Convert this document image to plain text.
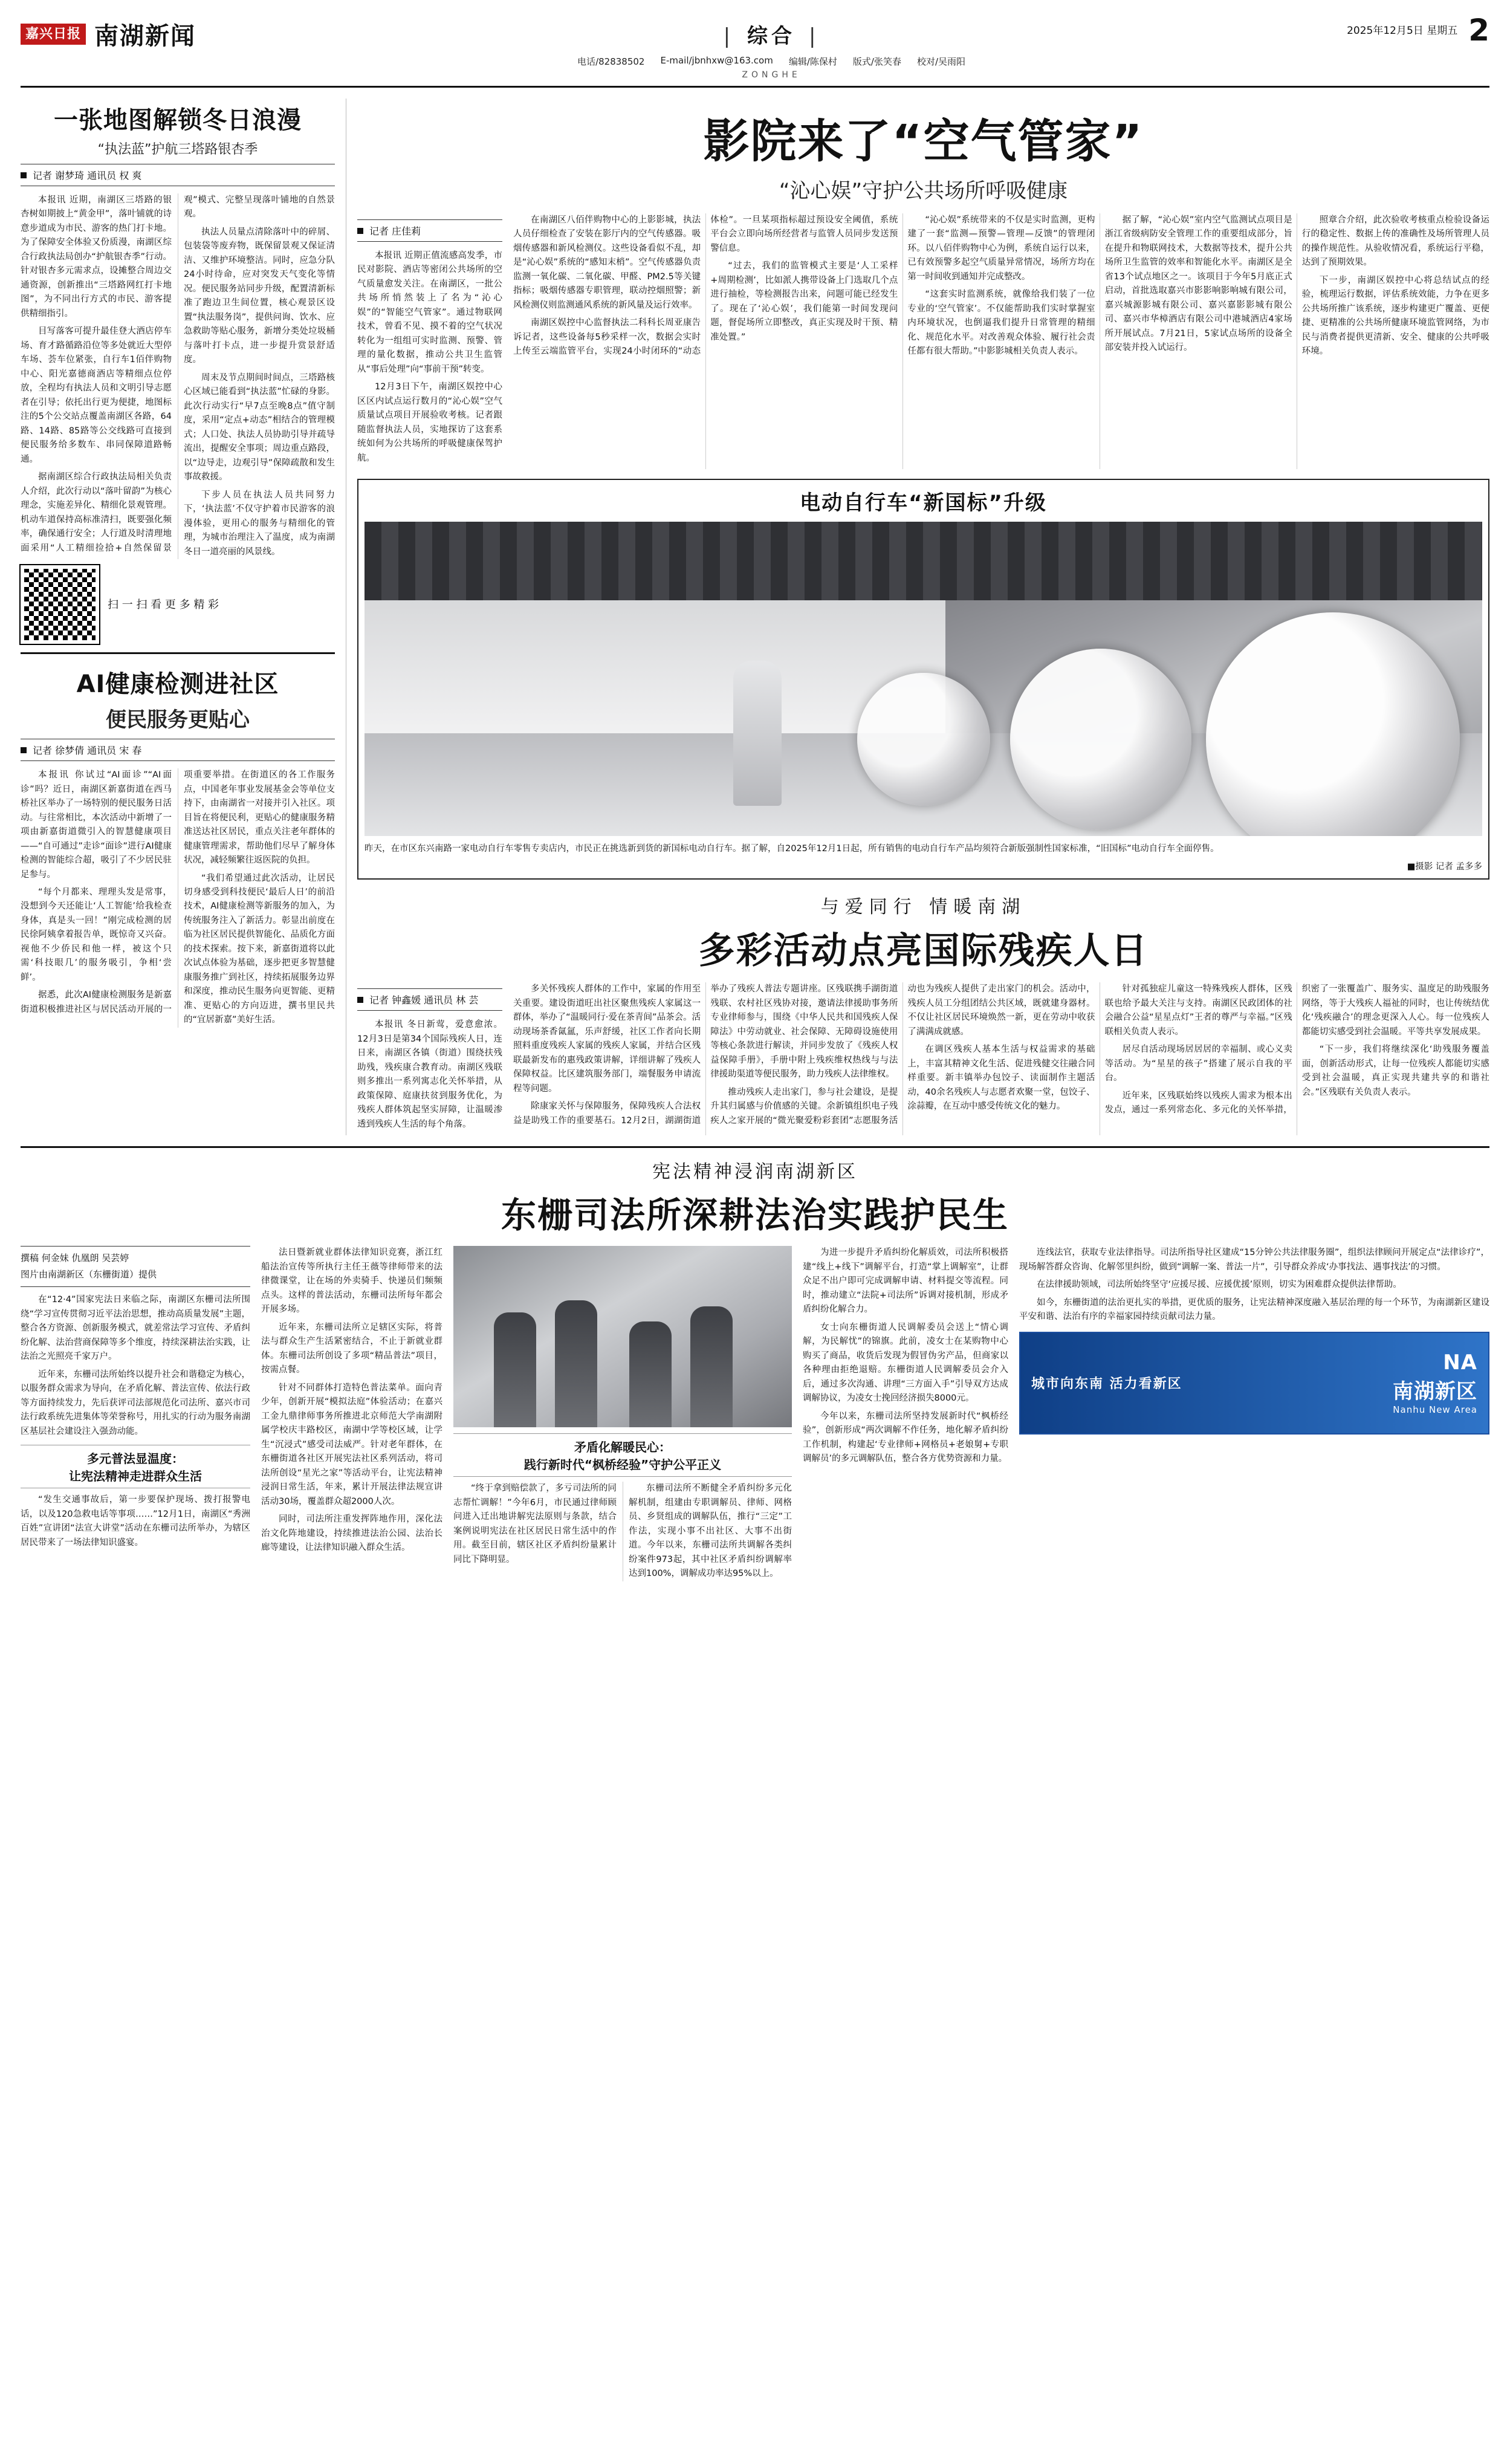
嘉兴日报 南湖新闻	| 综合 |
电话/82838502 E-mail/jbnhxw@163.com 编辑/陈保村 版式/张笑春 校对/吴雨阳
ZONGHE
2025年12月5日 星期五 2
一张地图解锁冬日浪漫
“执法蓝”护航三塔路银杏季
记者 谢梦琦 通讯员 权 爽

本报讯 近期，南湖区三塔路的银杏树如期披上“黄金甲”，落叶铺就的诗意步道成为市民、游客的热门打卡地。为了保障安全体验又份质漫，南湖区综合行政执法局创办“护航银杏季”行动。针对银杏多元需求点，设摊整合周边交通资源，创新推出“三塔路网红打卡地图”，为不同出行方式的市民、游客提供精细指引。

目写落客可提升最佳登大酒店停车场、育才路循路沿位等多处就近大型停车场、荟车位紧张，自行车1佰伴购物中心、阳光嘉德商酒店等精细点位停放，全程均有执法人员和文明引导志愿者在引导；依托出行更为便捷，地图标注的5个公交站点覆盖南湖区各路，64路、14路、85路等公交线路可直接到便民服务给多数车、串同保障道路畅通。

据南湖区综合行政执法局相关负责人介绍，此次行动以“落叶留韵”为核心理念，实施差异化、精细化景观管理。机动车道保持高标准清扫，既要强化频率，确保通行安全；人行道及时清理地面采用“人工精细捡拾+自然保留景观”模式、完整呈现落叶铺地的自然景观。

执法人员量点清除落叶中的碎屑、包装袋等废弃物，既保留景观又保证清洁、又维护环境整洁。同时，应急分队24小时待命，应对突发天气变化等情况。便民服务站同步升级，配置清新标准了跑边卫生间位置，核心观景区设置“执法服务岗”，提供问询、饮水、应急救助等贴心服务，新增分类处垃圾桶与落叶打卡点，进一步提升赏景舒适度。

周末及节点期间时间点，三塔路核心区域已能看到“执法蓝”忙碌的身影。此次行动实行“早7点至晚8点”值守制度，采用“定点+动态”相结合的管理模式；人口处、执法人员协助引导并疏导流出，提醒安全事项；周边重点路段，以“边导走，边观引导”保障疏散和发生事故救援。

下步人员在执法人员共同努力下，‘执法蓝’不仅守护着市民游客的浪漫体验，更用心的服务与精细化的管理，为城市治理注入了温度，成为南湖冬日一道亮丽的风景线。

扫 一 扫 看 更 多 精 彩
AI健康检测进社区
便民服务更贴心
记者 徐梦倩 通讯员 宋 春

本报讯 你试过“AI面诊”“AI面诊”吗？近日，南湖区新嘉街道在西马桥社区举办了一场特别的便民服务日活动。与往常相比，本次活动中新增了一项由新嘉街道微引入的智慧健康项目——“自可通过”走诊“面诊”进行AI健康检测的智能综合超，吸引了不少居民驻足参与。

“每个月都来、理理头发是常事，没想到今天还能让‘人工智能’给我检查身体，真是头一回！”刚完成检测的居民徐阿姨拿着报告单，既惊奇又兴奋。视他不少侨民和他一样，被这个只需‘科技眼几’的服务吸引，争相‘尝鲜’。

据悉，此次AI健康检测服务是新嘉街道积极推进社区与居民活动开展的一项重要举措。在街道区的各工作服务点，中国老年事业发展基金会等单位支持下，由南湖省一对接并引入社区。项目旨在将便民利，更贴心的健康服务精准送达社区居民，重点关注老年群体的健康管理需求，帮助他们尽早了解身体状况，减轻频繁往返医院的负担。

“我们希望通过此次活动，让居民切身感受到科技便民‘最后人日’的前沿技术，AI健康检测等新服务的加入，为传统服务注入了新活力。彰显出前度在临为社区居民提供智能化、品质化方面的技术探索。按下来，新嘉街道将以此次试点体验为基础，逐步把更多智慧健康服务推广到社区，持续拓展服务边界和深度，推动民生服务向更智能、更精准、更贴心的方向迈进，撰书里民共的“宜居新嘉”美好生活。

影院来了“空气管家”
“沁心娱”守护公共场所呼吸健康
记者 庄佳莉

本报讯 近期正值流感高发季，市民对影院、酒店等密闭公共场所的空气质量愈发关注。在南湖区，一批公共场所悄然装上了名为“沁心娱”的“智能空气管家”。通过物联网技术，曾看不见、摸不着的空气状况转化为一组组可实时监测、预警、管理的量化数据，推动公共卫生监管从“事后处理”向“事前干预”转变。

12月3日下午，南湖区娱控中心区区内试点运行数月的“沁心娱”空气质量试点项目开展验收考核。记者跟随监督执法人员，实地探访了这套系统如何为公共场所的呼吸健康保驾护航。

在南湖区八佰伴购物中心的上影影城，执法人员仔细检查了安装在影厅内的空气传感器。吸烟传感器和新风检测仪。这些设备看似不乱，却是“沁心娱”系统的“感知末梢”。空气传感器负责监测一氧化碳、二氧化碳、甲醛、PM2.5等关键指标；吸烟传感器专职管理，联动控烟照警；新风检测仪则监测通风系统的新风量及运行效率。

南湖区娱控中心监督执法二科科长周亚康告诉记者，这些设备每5秒采样一次，数据会实时上传至云端监管平台，实现24小时闭环的“动态体检”。一旦某项指标超过预设安全阈值，系统平台会立即向场所经营者与监管人员同步发送预警信息。

“过去，我们的监管模式主要是‘人工采样+周期检测’，比如派人携带设备上门选取几个点进行抽检，等检测报告出来，问题可能已经发生了。现在了‘沁心娱’，我们能第一时间发现问题，督促场所立即整改，真正实现及时干预、精准处置。”

“沁心娱”系统带来的不仅是实时监测，更构建了一套“监测—预警—管理—反馈”的管理闭环。以八佰伴购物中心为例，系统自运行以来，已有效预警多起空气质量异常情况，场所方均在第一时间收到通知并完成整改。

“这套实时监测系统，就像给我们装了一位专业的‘空气管家’。不仅能帮助我们实时掌握室内环境状况，也倒逼我们提升日常管理的精细化、规范化水平。对改善观众体验、履行社会责任都有很大帮助。”中影影城相关负责人表示。

据了解，“沁心娱”室内空气监测试点项目是浙江省级病防安全管理工作的重要组成部分，旨在提升和物联网技术，大数据等技术，提升公共场所卫生监管的效率和智能化水平。南湖区是全省13个试点地区之一。该项目于今年5月底正式启动，首批选取嘉兴市影影响影响城有限公司，嘉兴城源影城有限公司、嘉兴嘉影影城有限公司、嘉兴市华樟酒店有限公司中港城酒店4家场所开展试点。7月21日，5家试点场所的设备全部安装并投入试运行。

照章合介绍，此次验收考核重点检验设备运行的稳定性、数据上传的准确性及场所管理人员的操作规范性。从验收情况看，系统运行平稳，达到了预期效果。

下一步，南湖区娱控中心将总结试点的经验，梳理运行数据，评估系统效能，力争在更多公共场所推广该系统，逐步构建更广覆盖、更便捷、更精准的公共场所健康环境监管网络，为市民与消费者提供更清新、安全、健康的公共呼吸环境。

电动自行车“新国标”升级
昨天，在市区东兴南路一家电动自行车零售专卖店内，市民正在挑选新到货的新国标电动自行车。据了解，自2025年12月1日起，所有销售的电动自行车产品均须符合新版强制性国家标准，“旧国标”电动自行车全面停售。
■摄影 记者 孟多多
与爱同行 情暖南湖
多彩活动点亮国际残疾人日
记者 钟鑫媛 通讯员 林 芸

本报讯 冬日新莺，爱意愈浓。12月3日是第34个国际残疾人日，连日来，南湖区各镇（街道）围绕扶残助残，残疾康合教育动。南湖区残联则多推出一系列寓志化关怀举措，从政策保障、庭康扶贫到服务优化，为残疾人群体筑起坚实屏障，让温暖渗透到残疾人生活的每个角落。

多关怀残疾人群体的工作中，家属的作用至关重要。建设街道旺出社区聚焦残疾人家属这一群体，举办了“温暖同行·爱在茶青间”品茶会。活动现场茶香氤氲，乐声舒缓，社区工作者向长期照料重度残疾人家属的残疾人家属，并结合区残联最新发布的惠残政策讲解，详细讲解了残疾人保障权益。比区建筑服务部门，端餐服务申请流程等问题。

除康家关怀与保障服务，保障残疾人合法权益是助残工作的重要基石。12月2日，湖湖街道举办了残疾人普法专题讲座。区残联携手湖街道残联、农村社区残协对接，邀请法律援助事务所专业律师参与，围绕《中华人民共和国残疾人保障法》中劳动就业、社会保障、无障碍设施使用等核心条款进行解读，并同步发放了《残疾人权益保障手册》，手册中附上残疾维权热线与与法律援助渠道等便民服务，助力残疾人法律维权。

推动残疾人走出家门，参与社会建设，是提升其归属感与价值感的关键。余新镇组织电子残疾人之家开展的“微光聚爱粉彩套团”志愿服务活动也为残疾人提供了走出家门的机会。活动中，残疾人员工分组团结公共区域，既就建身器材。不仅让社区居民环境焕然一新，更在劳动中收获了满满成就感。

在调区残疾人基本生活与权益需求的基础上，丰富其精神文化生活、促进残健交往融合同样重要。新丰镇举办包饺子、读面制作主题活动，40余名残疾人与志愿者欢聚一堂，包饺子、涂蒜瓣，在互动中感受传统文化的魅力。

针对孤独症儿童这一特殊残疾人群体，区残联也给予最大关注与支持。南湖区民政团体的社会融合公益“星星点灯”王者的尊严与幸福。”区残联相关负责人表示。

居尽自活动现场居居居的幸福制、或心义卖等活动。为“星星的孩子”搭建了展示自我的平台。

近年来，区残联始终以残疾人需求为根本出发点，通过一系列常态化、多元化的关怀举措，织密了一张覆盖广、服务实、温度足的助残服务网络，等于大残疾人福祉的同时，也让传统结优化‘残疾融合’的理念更深入人心。每一位残疾人都能切实感受到社会温暖。平等共享发展成果。

“下一步，我们将继续深化‘助残服务覆盖面，创新活动形式，让每一位残疾人都能切实感受到社会温暖，真正实现共建共享的和谐社会。”区残联有关负责人表示。

宪法精神浸润南湖新区
东栅司法所深耕法治实践护民生
撰稿 何金妹 仇凰朗 吴芸婷
图片由南湖新区（东栅街道）提供

在“12·4”国家宪法日来临之际，南湖区东栅司法所围绕“学习宣传贯彻习近平法治思想，推动高质量发展”主题，整合各方资源、创新服务模式，就差常法学习宣传、矛盾纠纷化解、法治营商保障等多个维度，持续深耕法治实践，让法治之光照亮千家万户。

近年来，东栅司法所始终以提升社会和谐稳定为核心，以服务群众需求为导向，在矛盾化解、普法宣传、依法行政等方面持续发力，先后获评司法部规范化司法所、嘉兴市司法行政系统先进集体等荣誉称号，用扎实的行动为服务南湖区基层社会建设注入强劲动能。

多元普法显温度：
让宪法精神走进群众生活

“发生交通事故后，第一步要保护现场、拨打报警电话，以及120急救电话等事项……”12月1日，南湖区“秀洲百姓”宣讲团“法宣大讲堂”活动在东栅司法所举办，为辖区居民带来了一场法律知识盛宴。

法日暨新就业群体法律知识竞赛，浙江红船法治宣传等所执行主任王薇等律师带来的法律微课堂，让在场的外卖骑手、快递员们频频点头。这样的普法活动，东栅司法所每年都会开展多场。

近年来，东栅司法所立足辖区实际，将普法与群众生产生活紧密结合，不止于新就业群体。东栅司法所创设了多项“精品普法”项目，按需点餐。

针对不同群体打造特色普法菜单。面向青少年，创新开展“模拟法庭”体验活动；在嘉兴工金九鼎律师事务所推进北京师范大学南湖附属学校庆丰路校区，南湖中学等校区域，让学生“沉浸式”感受司法威严。针对老年群体，在东栅街道各社区开展宪法社区系列活动，将司法所创设“星光之家”等活动平台，让宪法精神浸润日常生活，年来，累计开展法律法规宣讲活动30场，覆盖群众超2000人次。

同时，司法所注重发挥阵地作用，深化法治文化阵地建设，持续推进法治公园、法治长廊等建设，让法律知识融入群众生活。

矛盾化解暖民心：
践行新时代“枫桥经验”守护公平正义

“终于拿到赔偿款了，多亏司法所的同志帮忙调解！”今年6月，市民通过律师顾问进入迁出地讲解宪法原则与条款，结合案例说明宪法在社区居民日常生活中的作用。截至目前，辖区社区矛盾纠纷量累计同比下降明显。

东栅司法所不断健全矛盾纠纷多元化解机制，组建由专职调解员、律师、网格员、乡贤组成的调解队伍，推行“三定”工作法，实现小事不出社区、大事不出街道。今年以来，东栅司法所共调解各类纠纷案件973起，其中社区矛盾纠纷调解率达到100%，调解成功率达95%以上。

为进一步提升矛盾纠纷化解质效，司法所积极搭建“线上+线下”调解平台，打造“掌上调解室”，让群众足不出户即可完成调解申请、材料提交等流程。同时，推动建立“法院+司法所”诉调对接机制，形成矛盾纠纷化解合力。

女士向东栅街道人民调解委员会送上“情心调解，为民解忧”的锦旗。此前，凌女士在某购物中心购买了商品，收货后发现为假冒伪劣产品，但商家以各种理由拒绝退赔。东栅街道人民调解委员会介入后，通过多次沟通、讲理“三方面入手”引导双方达成调解协议，为凌女士挽回经济损失8000元。

今年以来，东栅司法所坚持发展新时代“枫桥经验”，创新形成“两次调解不作任务，地化解矛盾纠纷工作机制，构建起‘专业律师+网格员+老娘舅+专职调解员’的多元调解队伍，整合各方优势资源和力量。

连线法官，获取专业法律指导。司法所指导社区建成“15分钟公共法律服务圈”，组织法律顾问开展定点“法律诊疗”，现场解答群众咨询、化解邻里纠纷，做到“调解一案、普法一片”，引导群众养成‘办事找法、遇事找法’的习惯。

在法律援助领域，司法所始终坚守‘应援尽援、应援优援’原则，切实为困难群众提供法律帮助。

如今，东栅街道的法治更扎实的举措，更优质的服务，让宪法精神深度融入基层治理的每一个环节，为南湖新区建设平安和谐、法治有序的幸福家园持续贡献司法力量。

城市向东南 活力看新区
NA
南湖新区
Nanhu New Area
